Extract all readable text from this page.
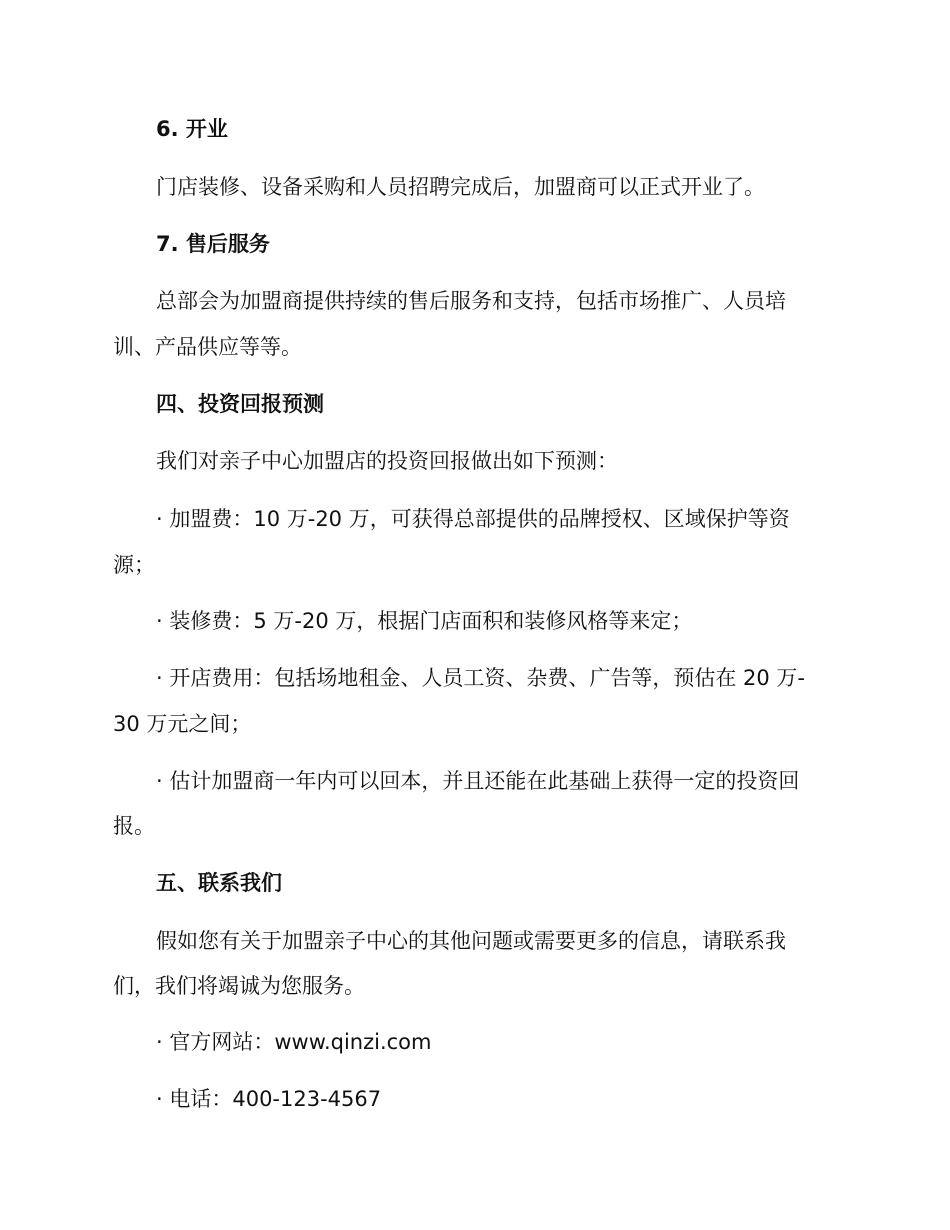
6. 开业
门店装修、设备采购和人员招聘完成后，加盟商可以正式开业了。
7. 售后服务
总部会为加盟商提供持续的售后服务和支持，包括市场推广、人员培
训、产品供应等等。
四、投资回报预测
我们对亲子中心加盟店的投资回报做出如下预测：
· 加盟费：10 万-20 万，可获得总部提供的品牌授权、区域保护等资
源；
· 装修费：5 万-20 万，根据门店面积和装修风格等来定；
· 开店费用：包括场地租金、人员工资、杂费、广告等，预估在 20 万-
30 万元之间；
· 估计加盟商一年内可以回本，并且还能在此基础上获得一定的投资回
报。
五、联系我们
假如您有关于加盟亲子中心的其他问题或需要更多的信息，请联系我
们，我们将竭诚为您服务。
· 官方网站：www.qinzi.com
· 电话：400-123-4567
